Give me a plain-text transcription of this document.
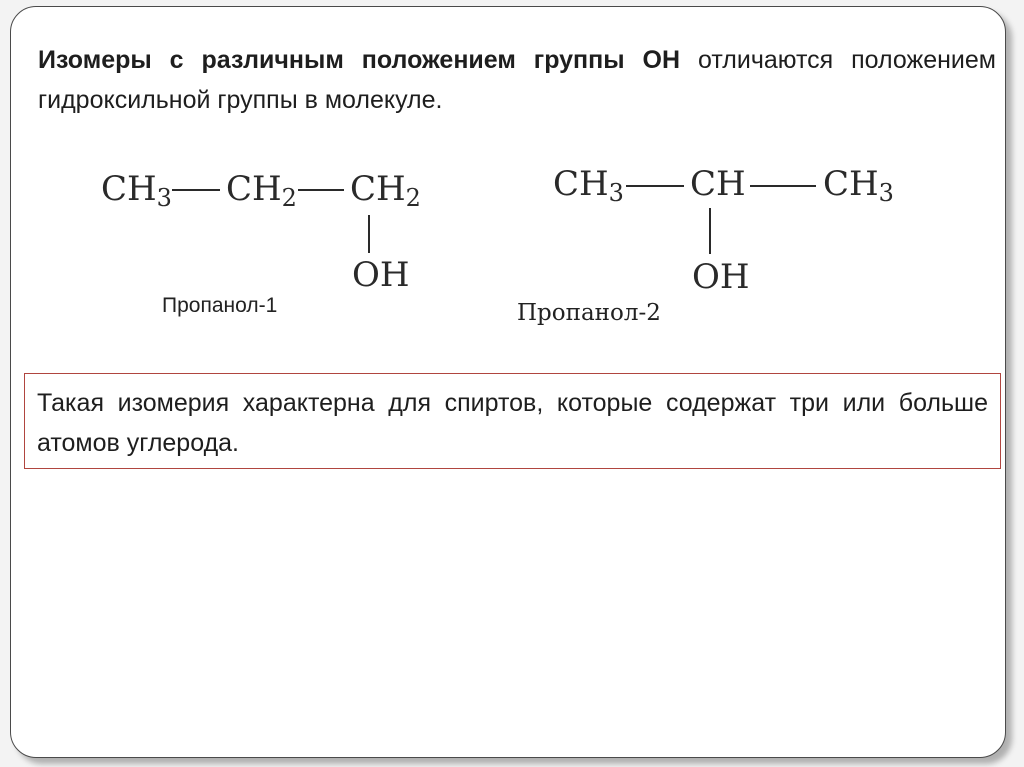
Изомеры с различным положением группы ОН отличаются положением гидроксильной группы в молекуле.

$CH_3$ $CH_2$ $CH_2$
OH
Пропанол-1
$CH_3$ CH $CH_3$
OH
Пропанол-2

Такая изомерия характерна для спиртов, которые содержат три или больше атомов углерода.
